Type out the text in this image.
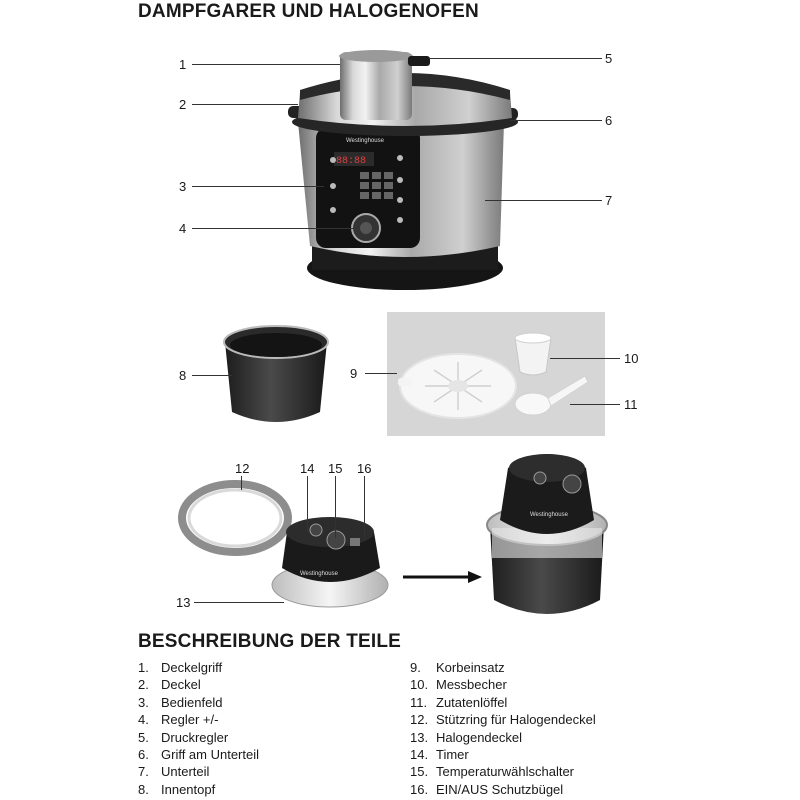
DAMPFGARER UND HALOGENOFEN
Westinghouse
88:88
Westinghouse
Westinghouse
1
2
3
4
5
6
7
8	9
10
11
12
13
14 15 16
BESCHREIBUNG DER TEILE
1. Deckelgriff
2. Deckel
3. Bedienfeld
4. Regler +/-
5. Druckregler
6. Griff am Unterteil
7. Unterteil
8. Innentopf
9.	Korbeinsatz
10. Messbecher
11. Zutatenlöffel
12. Stützring für Halogendeckel
13. Halogendeckel
14. Timer
15. Temperaturwählschalter
16. EIN/AUS Schutzbügel
